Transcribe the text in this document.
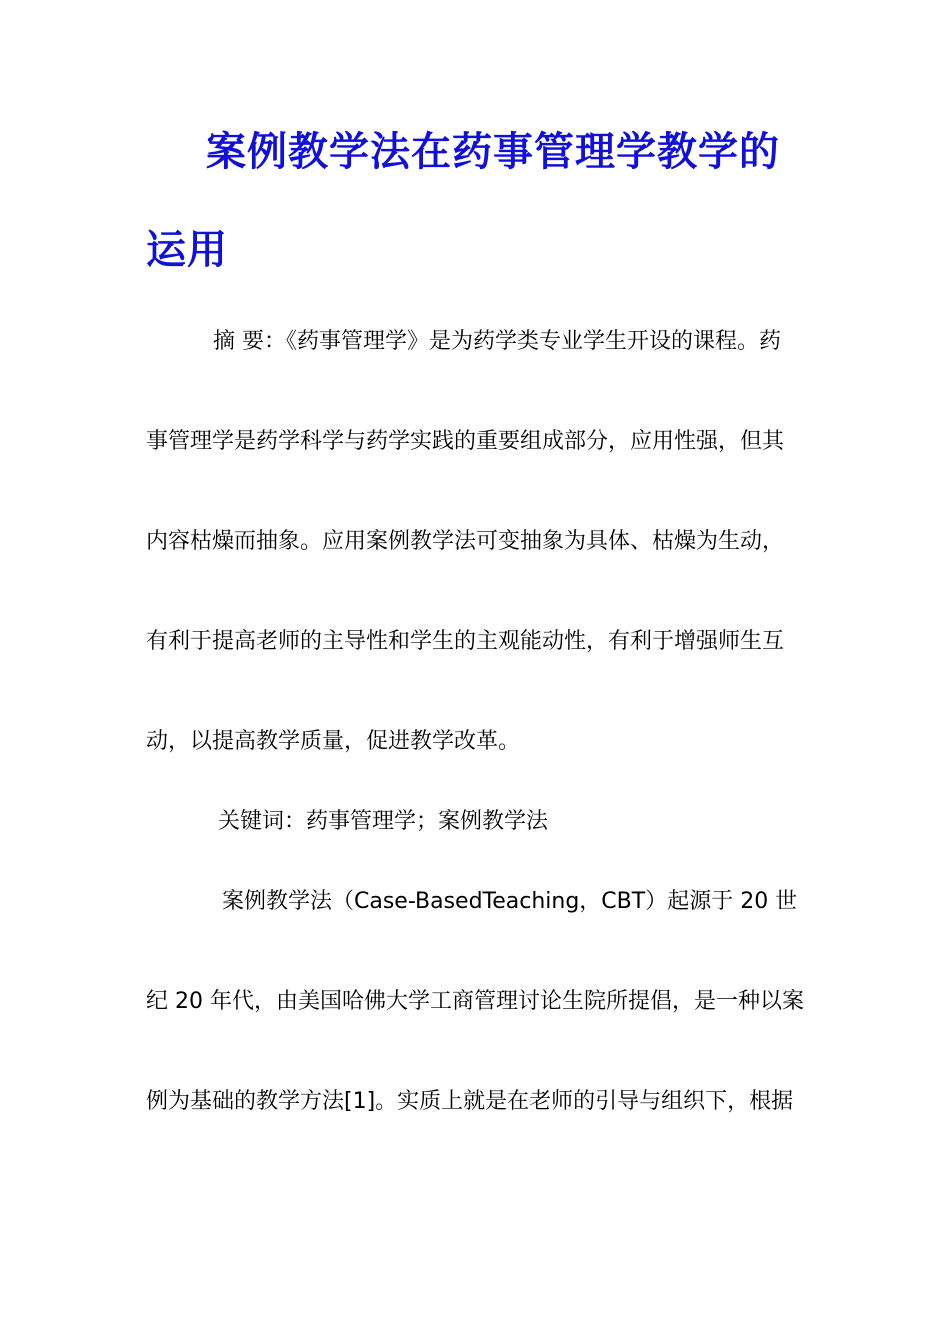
案例教学法在药事管理学教学的
运用
摘 要：《药事管理学》是为药学类专业学生开设的课程。药
事管理学是药学科学与药学实践的重要组成部分，应用性强，但其
内容枯燥而抽象。应用案例教学法可变抽象为具体、枯燥为生动，
有利于提高老师的主导性和学生的主观能动性，有利于增强师生互
动，以提高教学质量，促进教学改革。
关键词：药事管理学；案例教学法
案例教学法（Case-BasedTeaching，CBT）起源于 20 世
纪 20 年代，由美国哈佛大学工商管理讨论生院所提倡，是一种以案
例为基础的教学方法[1]。实质上就是在老师的引导与组织下，根据
